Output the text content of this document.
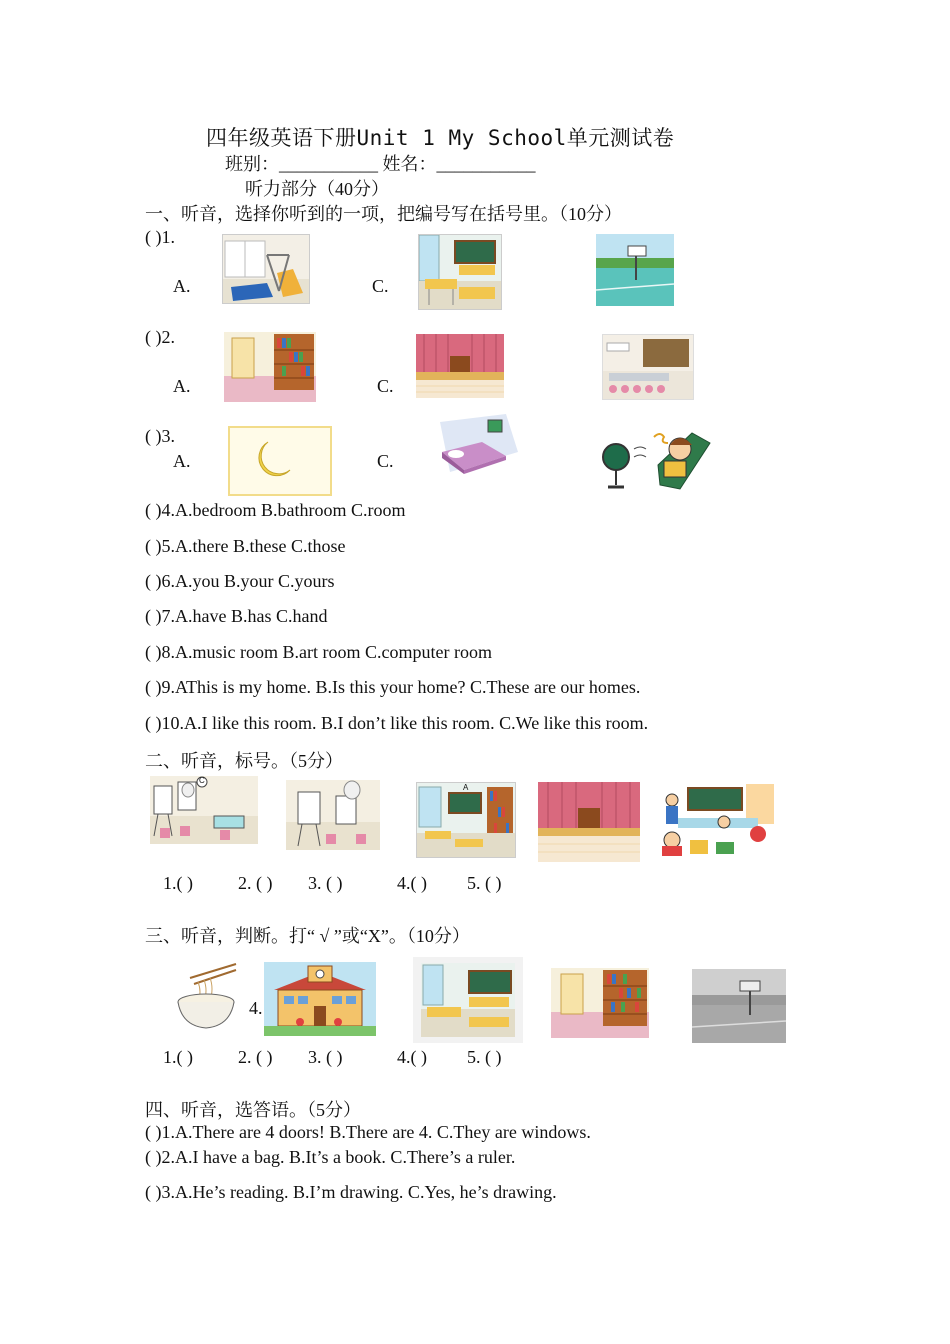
四年级英语下册Unit 1 My School单元测试卷
班别：___________ 姓名：___________
听力部分（40分）
一、听音，选择你听到的一项，把编号写在括号里。（10分）
( )1.
A.	C.
( )2.
A.	C.
( )3.
A.	C.
( )4.A.bedroom B.bathroom C.room
( )5.A.there B.these C.those
( )6.A.you B.your C.yours
( )7.A.have B.has C.hand
( )8.A.music room B.art room C.computer room
( )9.AThis is my home. B.Is this your home? C.These are our homes.
( )10.A.I like this room. B.I don’t like this room. C.We like this room.
二、听音，标号。（5分）
C
A
1.( )	2. ( ) 3. ( )	4.( ) 5. ( )
三、听音，判断。打“ √ ”或“X”。（10分）
4.
1.( )	2. ( ) 3. ( )	4.( ) 5. ( )
四、听音，选答语。（5分）
( )1.A.There are 4 doors! B.There are 4. C.They are windows.
( )2.A.I have a bag. B.It’s a book. C.There’s a ruler.
( )3.A.He’s reading. B.I’m drawing. C.Yes, he’s drawing.
